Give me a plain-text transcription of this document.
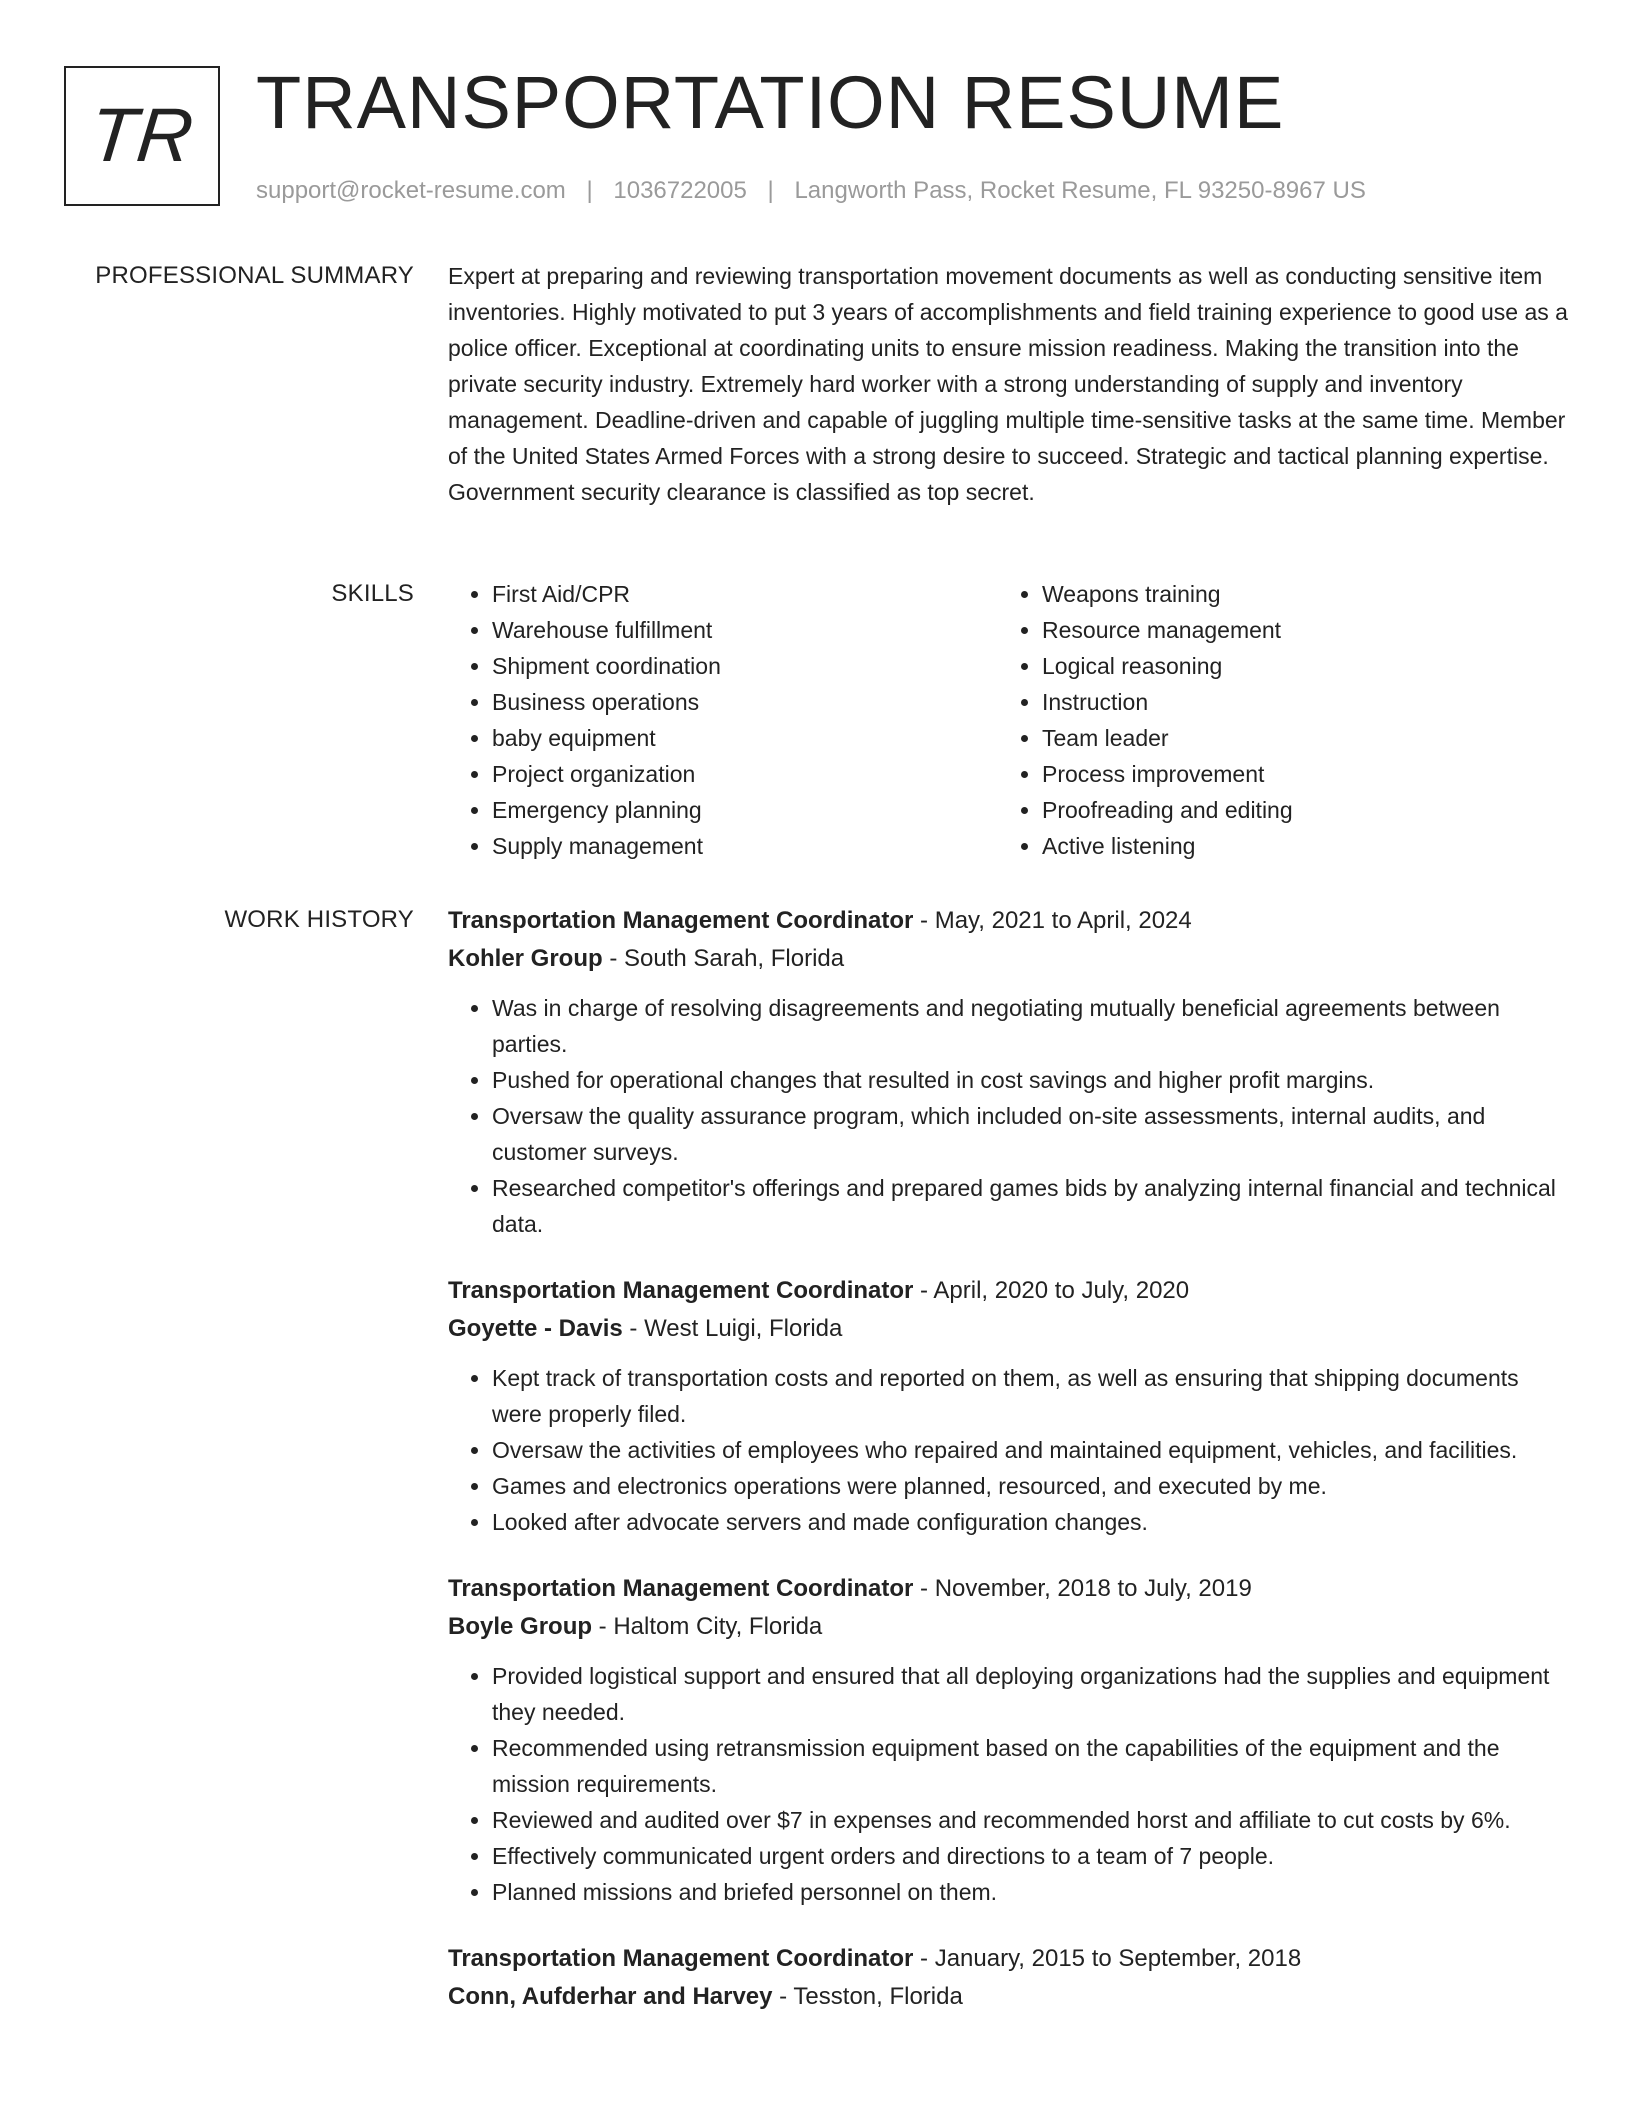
TR TRANSPORTATION RESUME
support@rocket-resume.com | 1036722005 | Langworth Pass, Rocket Resume, FL 93250-8967 US
PROFESSIONAL SUMMARY Expert at preparing and reviewing transportation movement documents as well as conducting sensitive item inventories. Highly motivated to put 3 years of accomplishments and field training experience to good use as a police officer. Exceptional at coordinating units to ensure mission readiness. Making the transition into the private security industry. Extremely hard worker with a strong understanding of supply and inventory management. Deadline-driven and capable of juggling multiple time-sensitive tasks at the same time. Member of the United States Armed Forces with a strong desire to succeed. Strategic and tactical planning expertise. Government security clearance is classified as top secret.

SKILLS
•	First Aid/CPR
• Warehouse fulfillment
• Shipment coordination
• Business operations
• baby equipment
• Project organization
• Emergency planning
• Supply management
• Weapons training
• Resource management
• Logical reasoning
• Instruction
• Team leader
• Process improvement
• Proofreading and editing
• Active listening
WORK HISTORY Transportation Management Coordinator - May, 2021 to April, 2024
Kohler Group - South Sarah, Florida
• Was in charge of resolving disagreements and negotiating mutually beneficial agreements between parties.
• Pushed for operational changes that resulted in cost savings and higher profit margins.
• Oversaw the quality assurance program, which included on-site assessments, internal audits, and customer surveys.
• Researched competitor's offerings and prepared games bids by analyzing internal financial and technical data.
Transportation Management Coordinator - April, 2020 to July, 2020
Goyette - Davis - West Luigi, Florida
• Kept track of transportation costs and reported on them, as well as ensuring that shipping documents were properly filed.
• Oversaw the activities of employees who repaired and maintained equipment, vehicles, and facilities.
• Games and electronics operations were planned, resourced, and executed by me.
• Looked after advocate servers and made configuration changes.
Transportation Management Coordinator - November, 2018 to July, 2019
Boyle Group - Haltom City, Florida
• Provided logistical support and ensured that all deploying organizations had the supplies and equipment they needed.
• Recommended using retransmission equipment based on the capabilities of the equipment and the mission requirements.
• Reviewed and audited over $7 in expenses and recommended horst and affiliate to cut costs by 6%.
• Effectively communicated urgent orders and directions to a team of 7 people.
• Planned missions and briefed personnel on them.
Transportation Management Coordinator - January, 2015 to September, 2018
Conn, Aufderhar and Harvey - Tesston, Florida
